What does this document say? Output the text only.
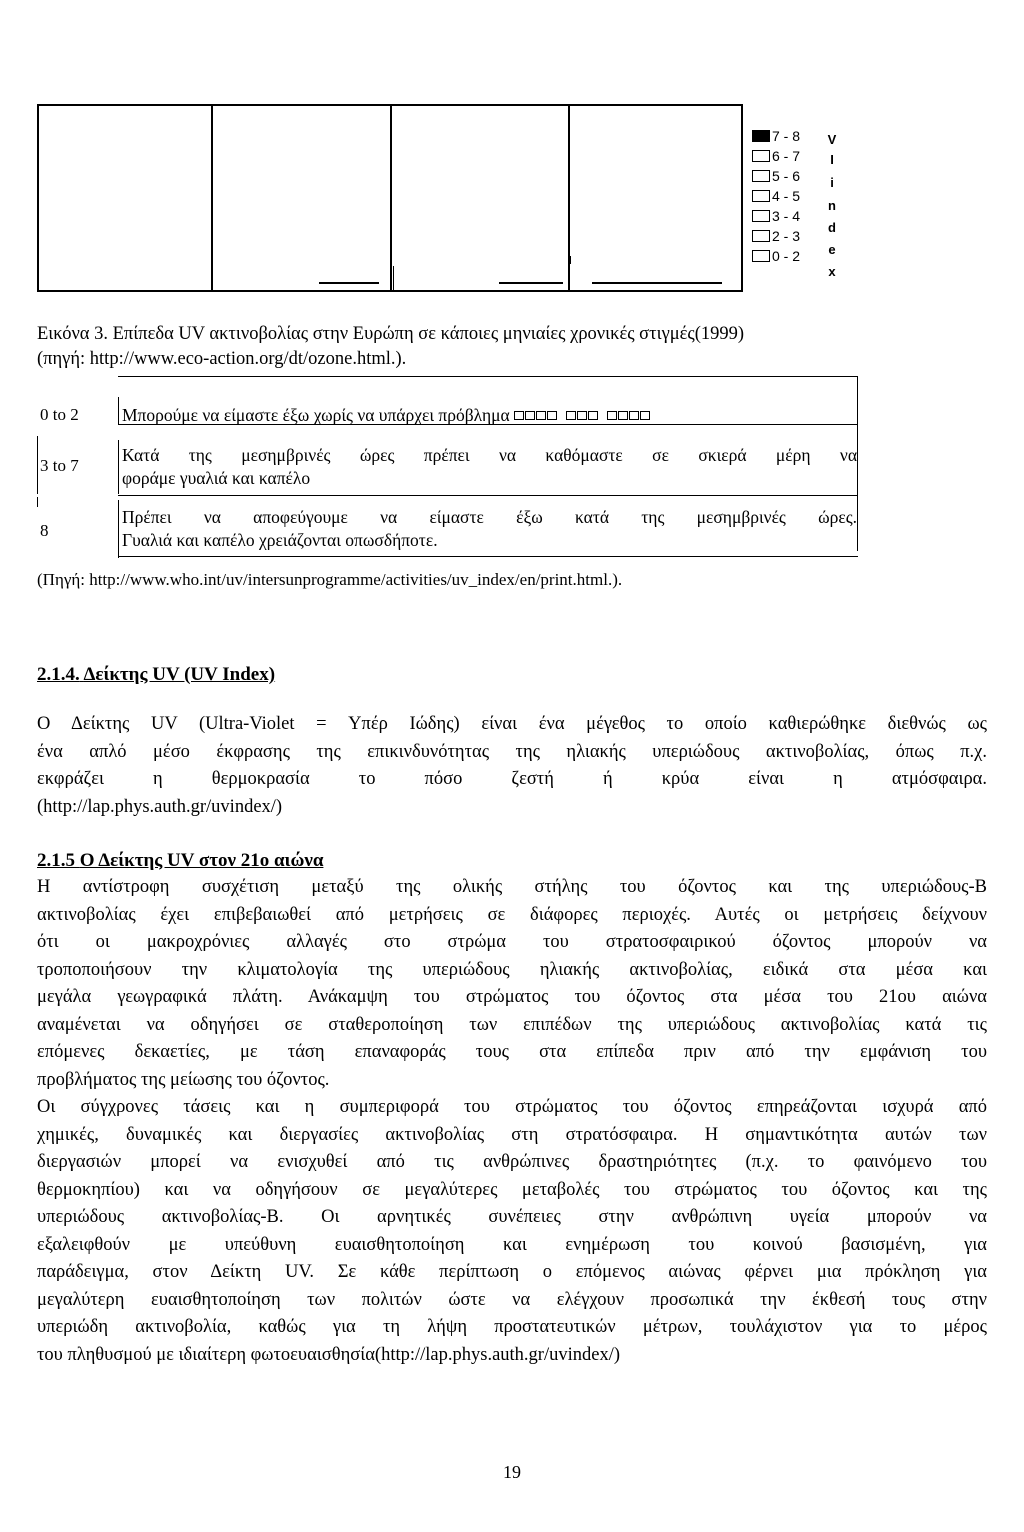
7 - 8
6 - 7
5 - 6
4 - 5
3 - 4
2 - 3
0 - 2
V
I
i
n
d
e
x
Εικόνα 3. Επίπεδα UV ακτινοβολίας στην Ευρώπη σε κάποιες μηνιαίες χρονικές στιγμές(1999)
(πηγή: http://www.eco-action.org/dt/ozone.html.).
0 to 2 Μπορούμε να είμαστε έξω χωρίς να υπάρχει πρόβλημα
3 to 7
Κατά της μεσημβρινές ώρες πρέπει να καθόμαστε σε σκιερά μέρη να
φοράμε γυαλιά και καπέλο
8
Πρέπει να αποφεύγουμε να είμαστε έξω κατά της μεσημβρινές ώρες.
Γυαλιά και καπέλο χρειάζονται οπωσδήποτε.
(Πηγή: http://www.who.int/uv/intersunprogramme/activities/uv_index/en/print.html.).
2.1.4. Δείκτης UV (UV Index)
Ο Δείκτης UV (Ultra-Violet = Υπέρ Ιώδης) είναι ένα μέγεθος το οποίο καθιερώθηκε διεθνώς ως
ένα απλό μέσο έκφρασης της επικινδυνότητας της ηλιακής υπεριώδους ακτινοβολίας, όπως π.χ.
εκφράζει η θερμοκρασία το πόσο ζεστή ή κρύα είναι η ατμόσφαιρα.
(http://lap.phys.auth.gr/uvindex/)
2.1.5 Ο Δείκτης UV στον 21ο αιώνα
Η αντίστροφη συσχέτιση μεταξύ της ολικής στήλης του όζοντος και της υπεριώδους-Β
ακτινοβολίας έχει επιβεβαιωθεί από μετρήσεις σε διάφορες περιοχές. Αυτές οι μετρήσεις δείχνουν
ότι οι μακροχρόνιες αλλαγές στο στρώμα του στρατοσφαιρικού όζοντος μπορούν να
τροποποιήσουν την κλιματολογία της υπεριώδους ηλιακής ακτινοβολίας, ειδικά στα μέσα και
μεγάλα γεωγραφικά πλάτη. Ανάκαμψη του στρώματος του όζοντος στα μέσα του 21ου αιώνα
αναμένεται να οδηγήσει σε σταθεροποίηση των επιπέδων της υπεριώδους ακτινοβολίας κατά τις
επόμενες δεκαετίες, με τάση επαναφοράς τους στα επίπεδα πριν από την εμφάνιση του
προβλήματος της μείωσης του όζοντος.
Οι σύγχρονες τάσεις και η συμπεριφορά του στρώματος του όζοντος επηρεάζονται ισχυρά από
χημικές, δυναμικές και διεργασίες ακτινοβολίας στη στρατόσφαιρα. Η σημαντικότητα αυτών των
διεργασιών μπορεί να ενισχυθεί από τις ανθρώπινες δραστηριότητες (π.χ. το φαινόμενο του
θερμοκηπίου) και να οδηγήσουν σε μεγαλύτερες μεταβολές του στρώματος του όζοντος και της
υπεριώδους ακτινοβολίας-Β. Οι αρνητικές συνέπειες στην ανθρώπινη υγεία μπορούν να
εξαλειφθούν με υπεύθυνη ευαισθητοποίηση και ενημέρωση του κοινού βασισμένη, για
παράδειγμα, στον Δείκτη UV. Σε κάθε περίπτωση ο επόμενος αιώνας φέρνει μια πρόκληση για
μεγαλύτερη ευαισθητοποίηση των πολιτών ώστε να ελέγχουν προσωπικά την έκθεσή τους στην
υπεριώδη ακτινοβολία, καθώς για τη λήψη προστατευτικών μέτρων, τουλάχιστον για το μέρος
του πληθυσμού με ιδιαίτερη φωτοευαισθησία(http://lap.phys.auth.gr/uvindex/)
19
